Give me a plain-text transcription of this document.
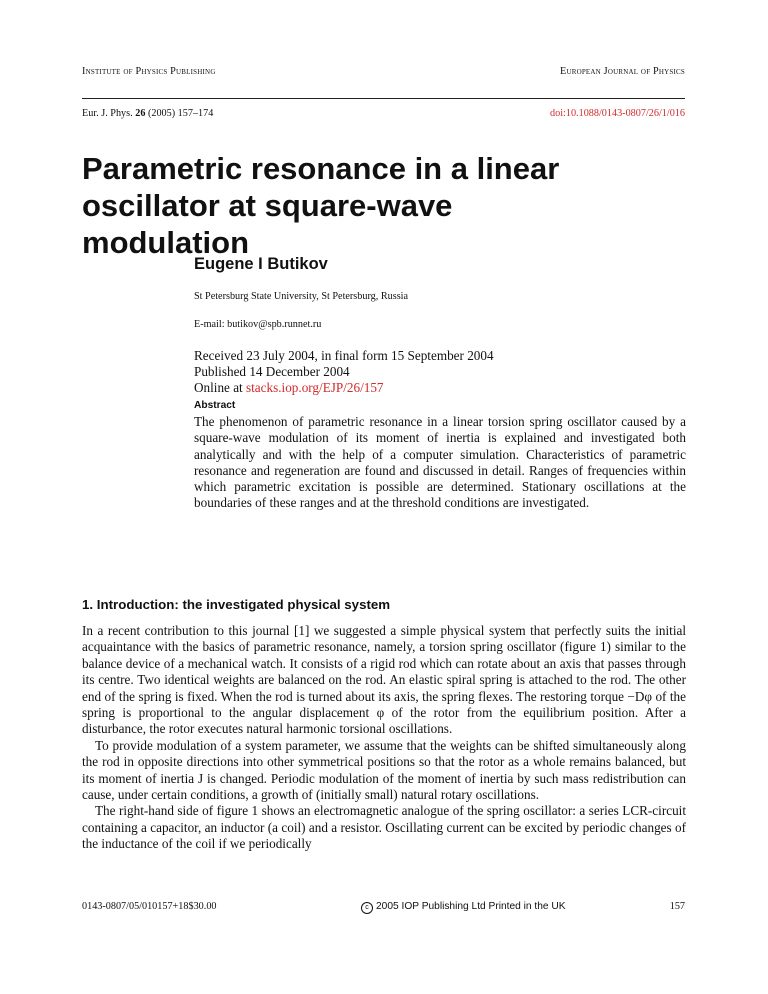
Institute of Physics Publishing	European Journal of Physics
Eur. J. Phys. 26 (2005) 157–174	doi:10.1088/0143-0807/26/1/016
Parametric resonance in a linear oscillator at square-wave modulation
Eugene I Butikov
St Petersburg State University, St Petersburg, Russia
E-mail: butikov@spb.runnet.ru
Received 23 July 2004, in final form 15 September 2004
Published 14 December 2004
Online at stacks.iop.org/EJP/26/157
Abstract

The phenomenon of parametric resonance in a linear torsion spring oscillator caused by a square-wave modulation of its moment of inertia is explained and investigated both analytically and with the help of a computer simulation. Characteristics of parametric resonance and regeneration are found and discussed in detail. Ranges of frequencies within which parametric excitation is possible are determined. Stationary oscillations at the boundaries of these ranges and at the threshold conditions are investigated.

1. Introduction: the investigated physical system

In a recent contribution to this journal [1] we suggested a simple physical system that perfectly suits the initial acquaintance with the basics of parametric resonance, namely, a torsion spring oscillator (figure 1) similar to the balance device of a mechanical watch. It consists of a rigid rod which can rotate about an axis that passes through its centre. Two identical weights are balanced on the rod. An elastic spiral spring is attached to the rod. The other end of the spring is fixed. When the rod is turned about its axis, the spring flexes. The restoring torque −Dφ of the spring is proportional to the angular displacement φ of the rotor from the equilibrium position. After a disturbance, the rotor executes natural harmonic torsional oscillations.

To provide modulation of a system parameter, we assume that the weights can be shifted simultaneously along the rod in opposite directions into other symmetrical positions so that the rotor as a whole remains balanced, but its moment of inertia J is changed. Periodic modulation of the moment of inertia by such mass redistribution can cause, under certain conditions, a growth of (initially small) natural rotary oscillations.

The right-hand side of figure 1 shows an electromagnetic analogue of the spring oscillator: a series LCR-circuit containing a capacitor, an inductor (a coil) and a resistor. Oscillating current can be excited by periodic changes of the inductance of the coil if we periodically

0143-0807/05/010157+18$30.00	c 2005 IOP Publishing Ltd Printed in the UK	157
